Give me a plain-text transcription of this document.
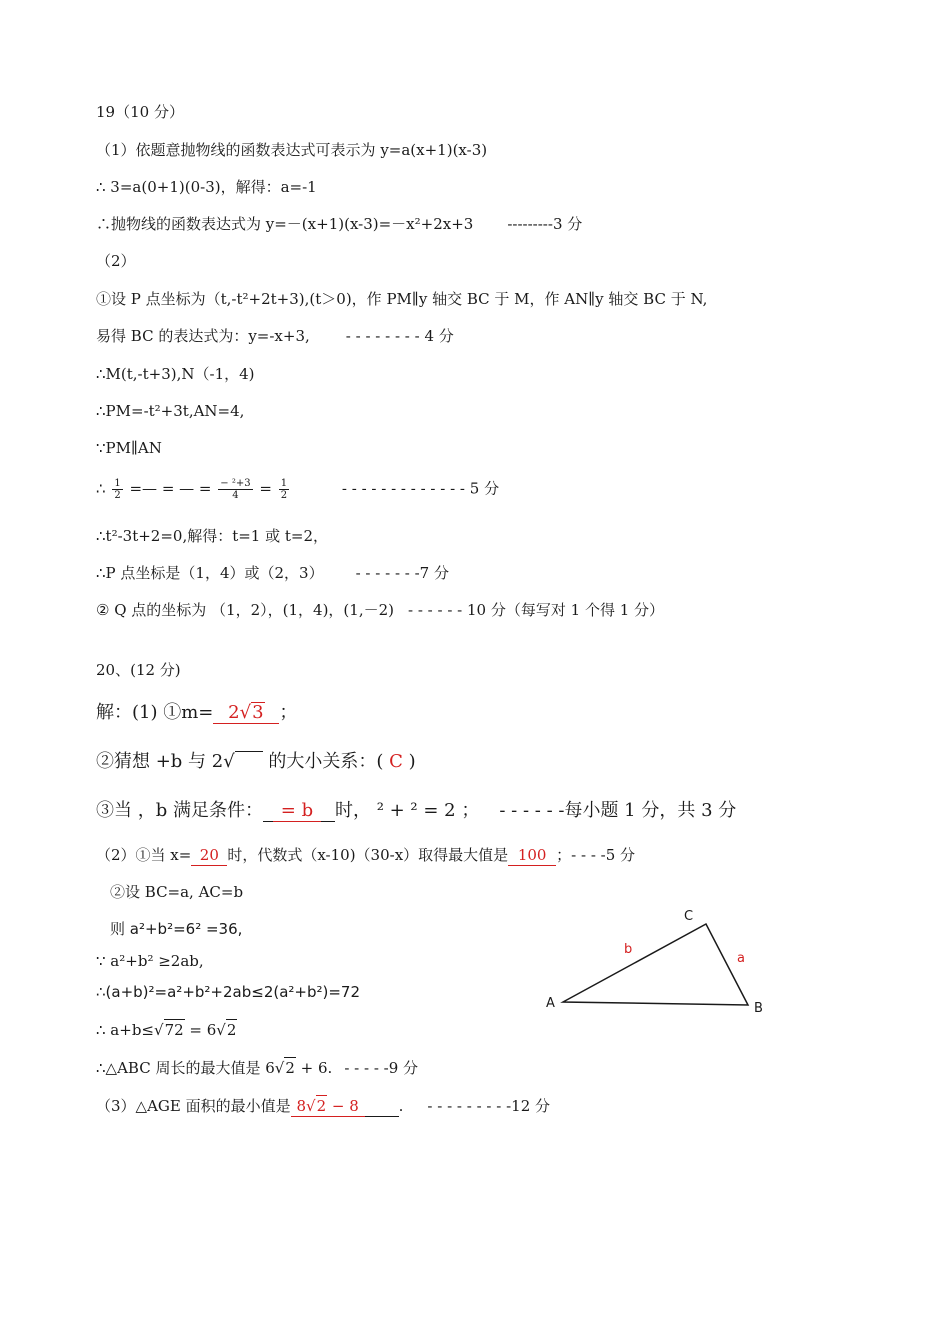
19（10 分）
（1）依题意抛物线的函数表达式可表示为 y=a(x+1)(x-3)
∴ 3=a(0+1)(0-3)，解得：a=-1
∴抛物线的函数表达式为 y=－(x+1)(x-3)=－x²+2x+3 ---------3 分
（2）
①设 P 点坐标为（t,-t²+2t+3),(t＞0)，作 PM∥y 轴交 BC 于 M，作 AN∥y 轴交 BC 于 N,
易得 BC 的表达式为：y=-x+3, - - - - - - - - 4 分
∴M(t,-t+3),N（-1，4)
∴PM=-t²+3t,AN=4,
∵PM∥AN
∴ $\frac{1}{2}$ =— = — = $\frac{\text{− ²+3}}{4} = \frac{1}{2}$	- - - - - - - - - - - - - 5 分
∴t²-3t+2=0,解得：t=1 或 t=2，
∴P 点坐标是（1，4）或（2，3） - - - - - - -7 分
② Q 点的坐标为 （1，2），(1，4)，(1,－2) - - - - - - 10 分（每写对 1 个得 1 分）
20、(12 分)
解：(1) ①m= 2√3 ；
②猜想 +b 与 2√  的大小关系：( C )
③当 ，b 满足条件： = b 时， ² + ² = 2 ； - - - - - -每小题 1 分，共 3 分
（2）①当 x= 20 时，代数式（x-10)（30-x）取得最大值是 100 ；- - - -5 分
②设 BC=a, AC=b
则 a²+b²=6² =36,
∵ a²+b² ≥2ab,
∴(a+b)²=a²+b²+2ab≤2(a²+b²)=72
∴ a+b≤√72 = 6√2
∴△ABC 周长的最大值是 6√2 + 6. - - - - -9 分
（3）△AGE 面积的最小值是 8√2 − 8	. - - - - - - - - -12 分
C
A	B
b
a
